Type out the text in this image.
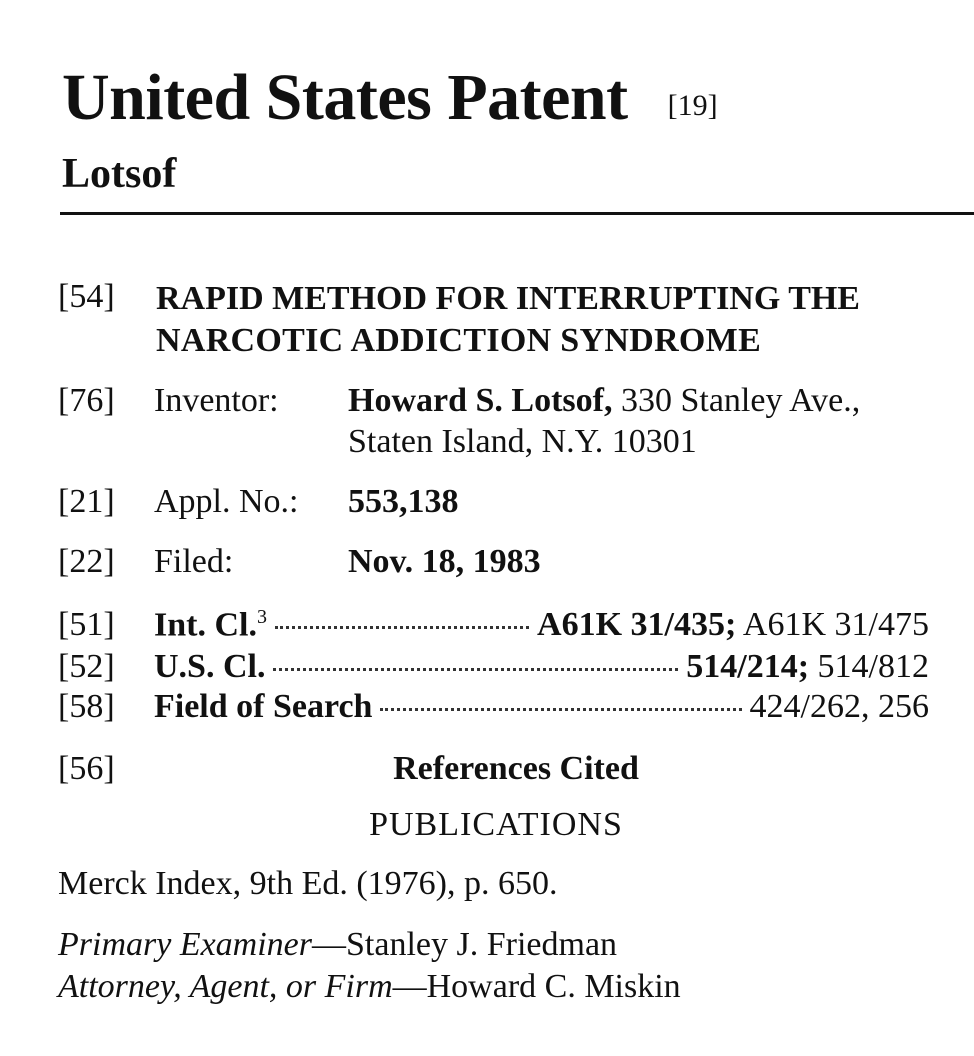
United States Patent [19]
Lotsof
[54] RAPID METHOD FOR INTERRUPTING THE
NARCOTIC ADDICTION SYNDROME
[76] Inventor: Howard S. Lotsof, 330 Stanley Ave.,
Staten Island, N.Y. 10301
[21] Appl. No.: 553,138
[22] Filed:	Nov. 18, 1983
[51] Int. Cl.$^3$	A61K 31/435; A61K 31/475
[52] U.S. Cl.	514/214; 514/812
[58] Field of Search	424/262, 256
[56]	References Cited
PUBLICATIONS
Merck Index, 9th Ed. (1976), p. 650.
Primary Examiner—Stanley J. Friedman
Attorney, Agent, or Firm—Howard C. Miskin
